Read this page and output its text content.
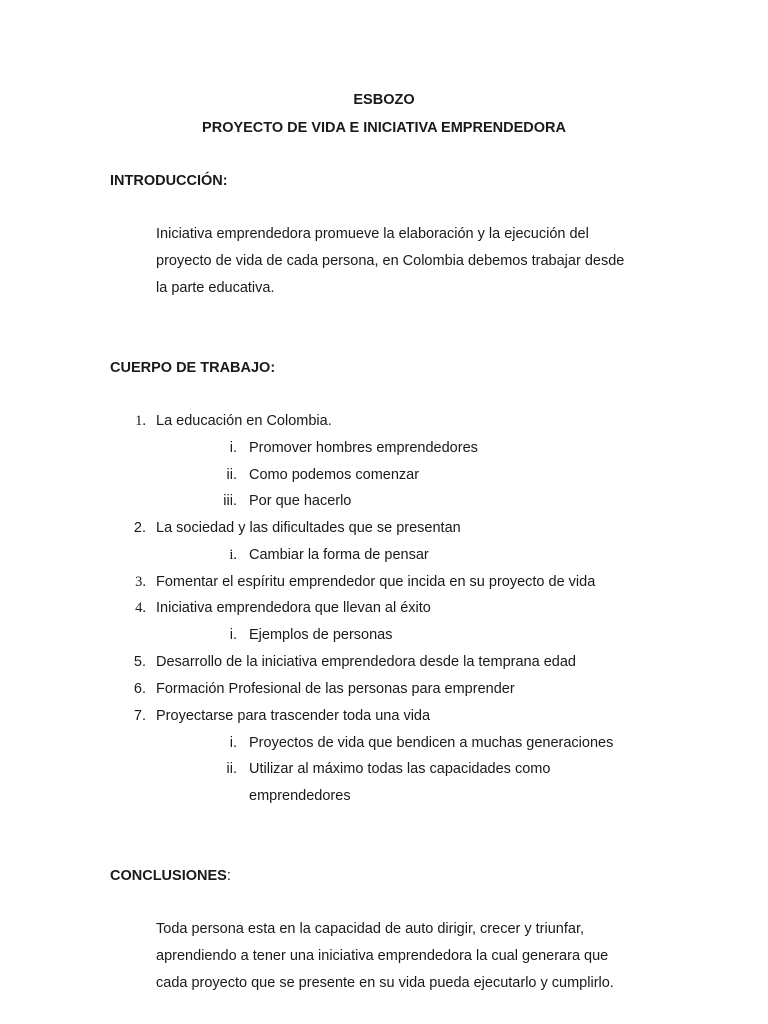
ESBOZO
PROYECTO DE VIDA E INICIATIVA EMPRENDEDORA
INTRODUCCIÓN:
Iniciativa emprendedora promueve la elaboración y la ejecución del
proyecto de vida de cada persona, en Colombia debemos trabajar desde
la parte educativa.
CUERPO DE TRABAJO:
1. La educación en Colombia.
i. Promover hombres emprendedores
ii. Como podemos comenzar
iii. Por que hacerlo
2. La sociedad y las dificultades que se presentan
i. Cambiar la forma de pensar
3. Fomentar el espíritu emprendedor que incida en su proyecto de vida
4. Iniciativa emprendedora que llevan al éxito
i. Ejemplos de personas
5. Desarrollo de la iniciativa emprendedora desde la temprana edad
6. Formación Profesional de las personas para emprender
7. Proyectarse para trascender toda una vida
i. Proyectos de vida que bendicen a muchas generaciones
ii. Utilizar al máximo todas las capacidades como
emprendedores
CONCLUSIONES:
Toda persona esta en la capacidad de auto dirigir, crecer y triunfar,
aprendiendo a tener una iniciativa emprendedora la cual generara que
cada proyecto que se presente en su vida pueda ejecutarlo y cumplirlo.
